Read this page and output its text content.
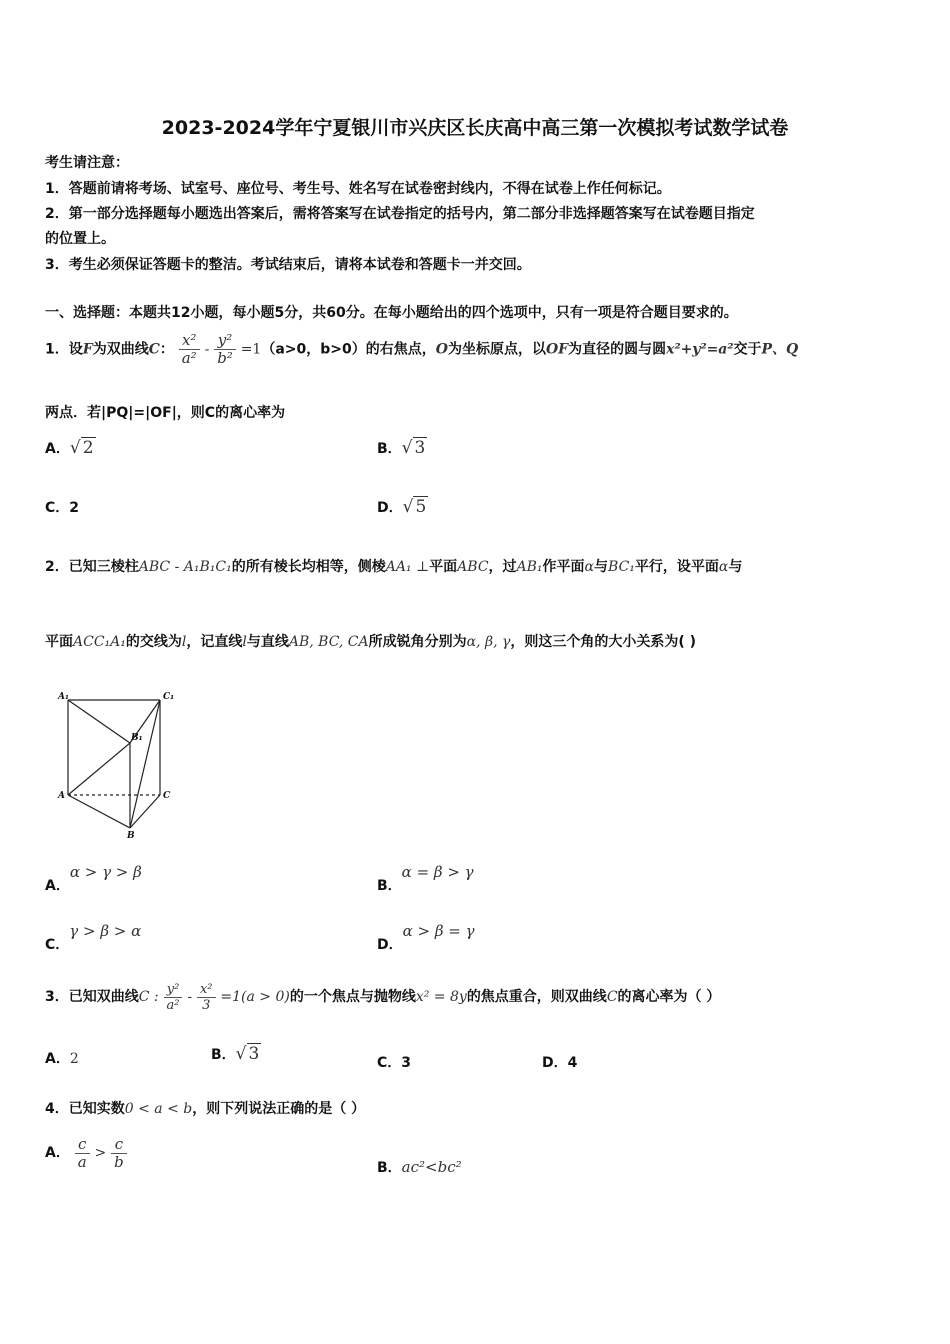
2023-2024学年宁夏银川市兴庆区长庆高中高三第一次模拟考试数学试卷
考生请注意：
1．答题前请将考场、试室号、座位号、考生号、姓名写在试卷密封线内，不得在试卷上作任何标记。
2．第一部分选择题每小题选出答案后，需将答案写在试卷指定的括号内，第二部分非选择题答案写在试卷题目指定
的位置上。
3．考生必须保证答题卡的整洁。考试结束后，请将本试卷和答题卡一并交回。
一、选择题：本题共12小题，每小题5分，共60分。在每小题给出的四个选项中，只有一项是符合题目要求的。
1．设F为双曲线C： $\frac{\text{x²}}{\text{a²}} - \frac{\text{y²}}{\text{b²}} =1(a>0$，b>0）的右焦点，O为坐标原点，以OF为直径的圆与圆x²+y²=a²交于P、Q
两点．若|PQ|=|OF|，则C的离心率为
A．√ 2	B．√ 3
C．2	D．√ 5
2．已知三棱柱ABC - A₁B₁C₁的所有棱长均相等，侧棱AA₁ ⊥平面ABC，过AB₁作平面α与BC₁平行，设平面α与
平面ACC₁A₁的交线为l，记直线l与直线AB, BC, CA所成锐角分别为α, β, γ，则这三个角的大小关系为( )
A₁	C₁
B₁
A	C
B
A．α > γ > β
B．α = β > γ
C．γ > β > α
D．α > β = γ
3．已知双曲线C : $\frac{\text{y²}}{\text{a²}} - \frac{\text{x²}}{3} =1(a > 0)$的一个焦点与抛物线x² = 8y的焦点重合，则双曲线C的离心率为（ ）
A．2	B．√ 3	C．3	D．4
4．已知实数0 < a < b，则下列说法正确的是（ ）
A． $\frac{c}{a} > \frac{c}{b}$	B．ac²<bc²
